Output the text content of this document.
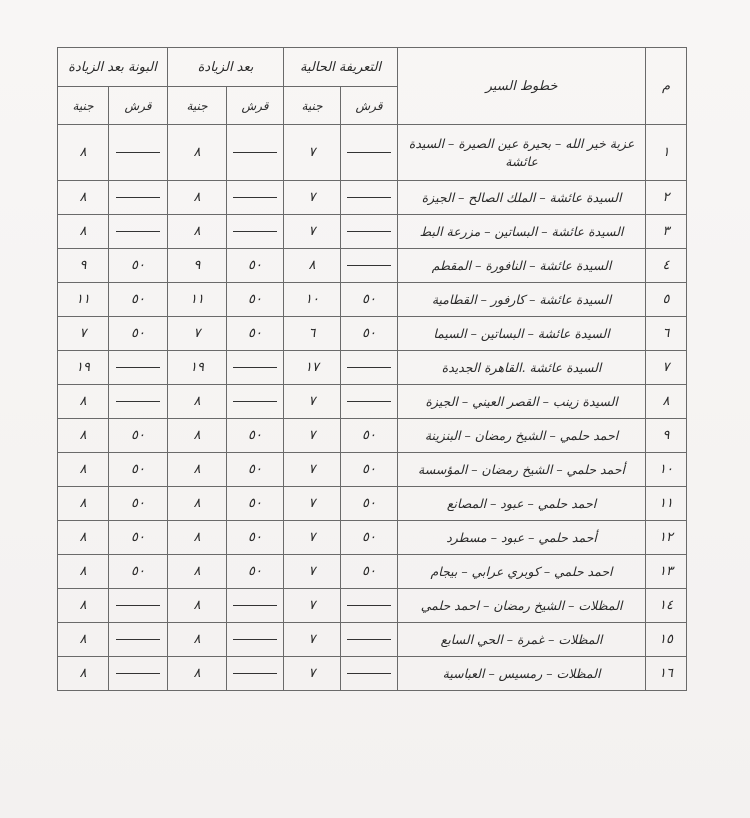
م	خطوط السير	التعريفة الحالية		بعد الزيادة		البونة بعد الزيادة	
		قرش	جنية	قرش	جنية	قرش	جنية
١	عزبة خير الله – بحيرة عين الصيرة – السيدة عائشة		٧		٨		٨
٢	السيدة عائشة – الملك الصالح – الجيزة		٧		٨		٨
٣	السيدة عائشة – البساتين – مزرعة البط		٧		٨		٨
٤	السيدة عائشة – النافورة – المقطم		٨	٥٠	٩	٥٠	٩
٥	السيدة عائشة – كارفور – القطامية	٥٠	١٠	٥٠	١١	٥٠	١١
٦	السيدة عائشة – البساتين – السيما	٥٠	٦	٥٠	٧	٥٠	٧
٧	السيدة عائشة .القاهرة الجديدة		١٧		١٩		١٩
٨	السيدة زينب – القصر العيني – الجيزة		٧		٨		٨
٩	احمد حلمي – الشيخ رمضان – البنزينة	٥٠	٧	٥٠	٨	٥٠	٨
١٠	أحمد حلمي – الشيخ رمضان – المؤسسة	٥٠	٧	٥٠	٨	٥٠	٨
١١	احمد حلمي – عبود – المصانع	٥٠	٧	٥٠	٨	٥٠	٨
١٢	أحمد حلمي – عبود – مسطرد	٥٠	٧	٥٠	٨	٥٠	٨
١٣	احمد حلمي – كوبري عرابي – بيجام	٥٠	٧	٥٠	٨	٥٠	٨
١٤	المظلات – الشيخ رمضان – احمد حلمي		٧		٨		٨
١٥	المظلات – غمرة – الحي السابع		٧		٨		٨
١٦	المظلات – رمسيس – العباسية		٧		٨		٨
